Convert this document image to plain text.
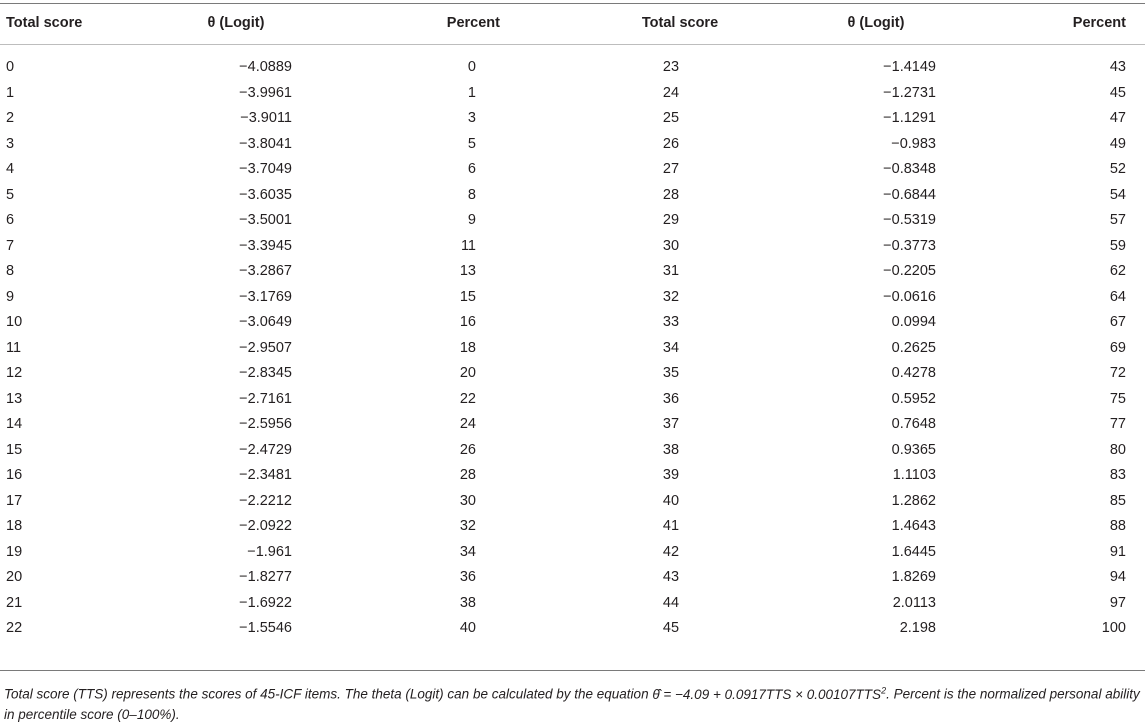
Total score	θ (Logit)	Percent	Total score	θ (Logit)	Percent
0	−4.0889	0	23	−1.4149	43
1	−3.9961	1	24	−1.2731	45
2	−3.9011	3	25	−1.1291	47
3	−3.8041	5	26	−0.983	49
4	−3.7049	6	27	−0.8348	52
5	−3.6035	8	28	−0.6844	54
6	−3.5001	9	29	−0.5319	57
7	−3.3945	11	30	−0.3773	59
8	−3.2867	13	31	−0.2205	62
9	−3.1769	15	32	−0.0616	64
10	−3.0649	16	33	0.0994	67
11	−2.9507	18	34	0.2625	69
12	−2.8345	20	35	0.4278	72
13	−2.7161	22	36	0.5952	75
14	−2.5956	24	37	0.7648	77
15	−2.4729	26	38	0.9365	80
16	−2.3481	28	39	1.1103	83
17	−2.2212	30	40	1.2862	85
18	−2.0922	32	41	1.4643	88
19	−1.961	34	42	1.6445	91
20	−1.8277	36	43	1.8269	94
21	−1.6922	38	44	2.0113	97
22	−1.5546	40	45	2.198	100
Total score (TTS) represents the scores of 45-ICF items. The theta (Logit) can be calculated by the equation θ̂ = $-4.09 + 0.0917TTS \times 0.00107TTS^2$. Percent is the normalized personal ability in percentile score (0–100%).
